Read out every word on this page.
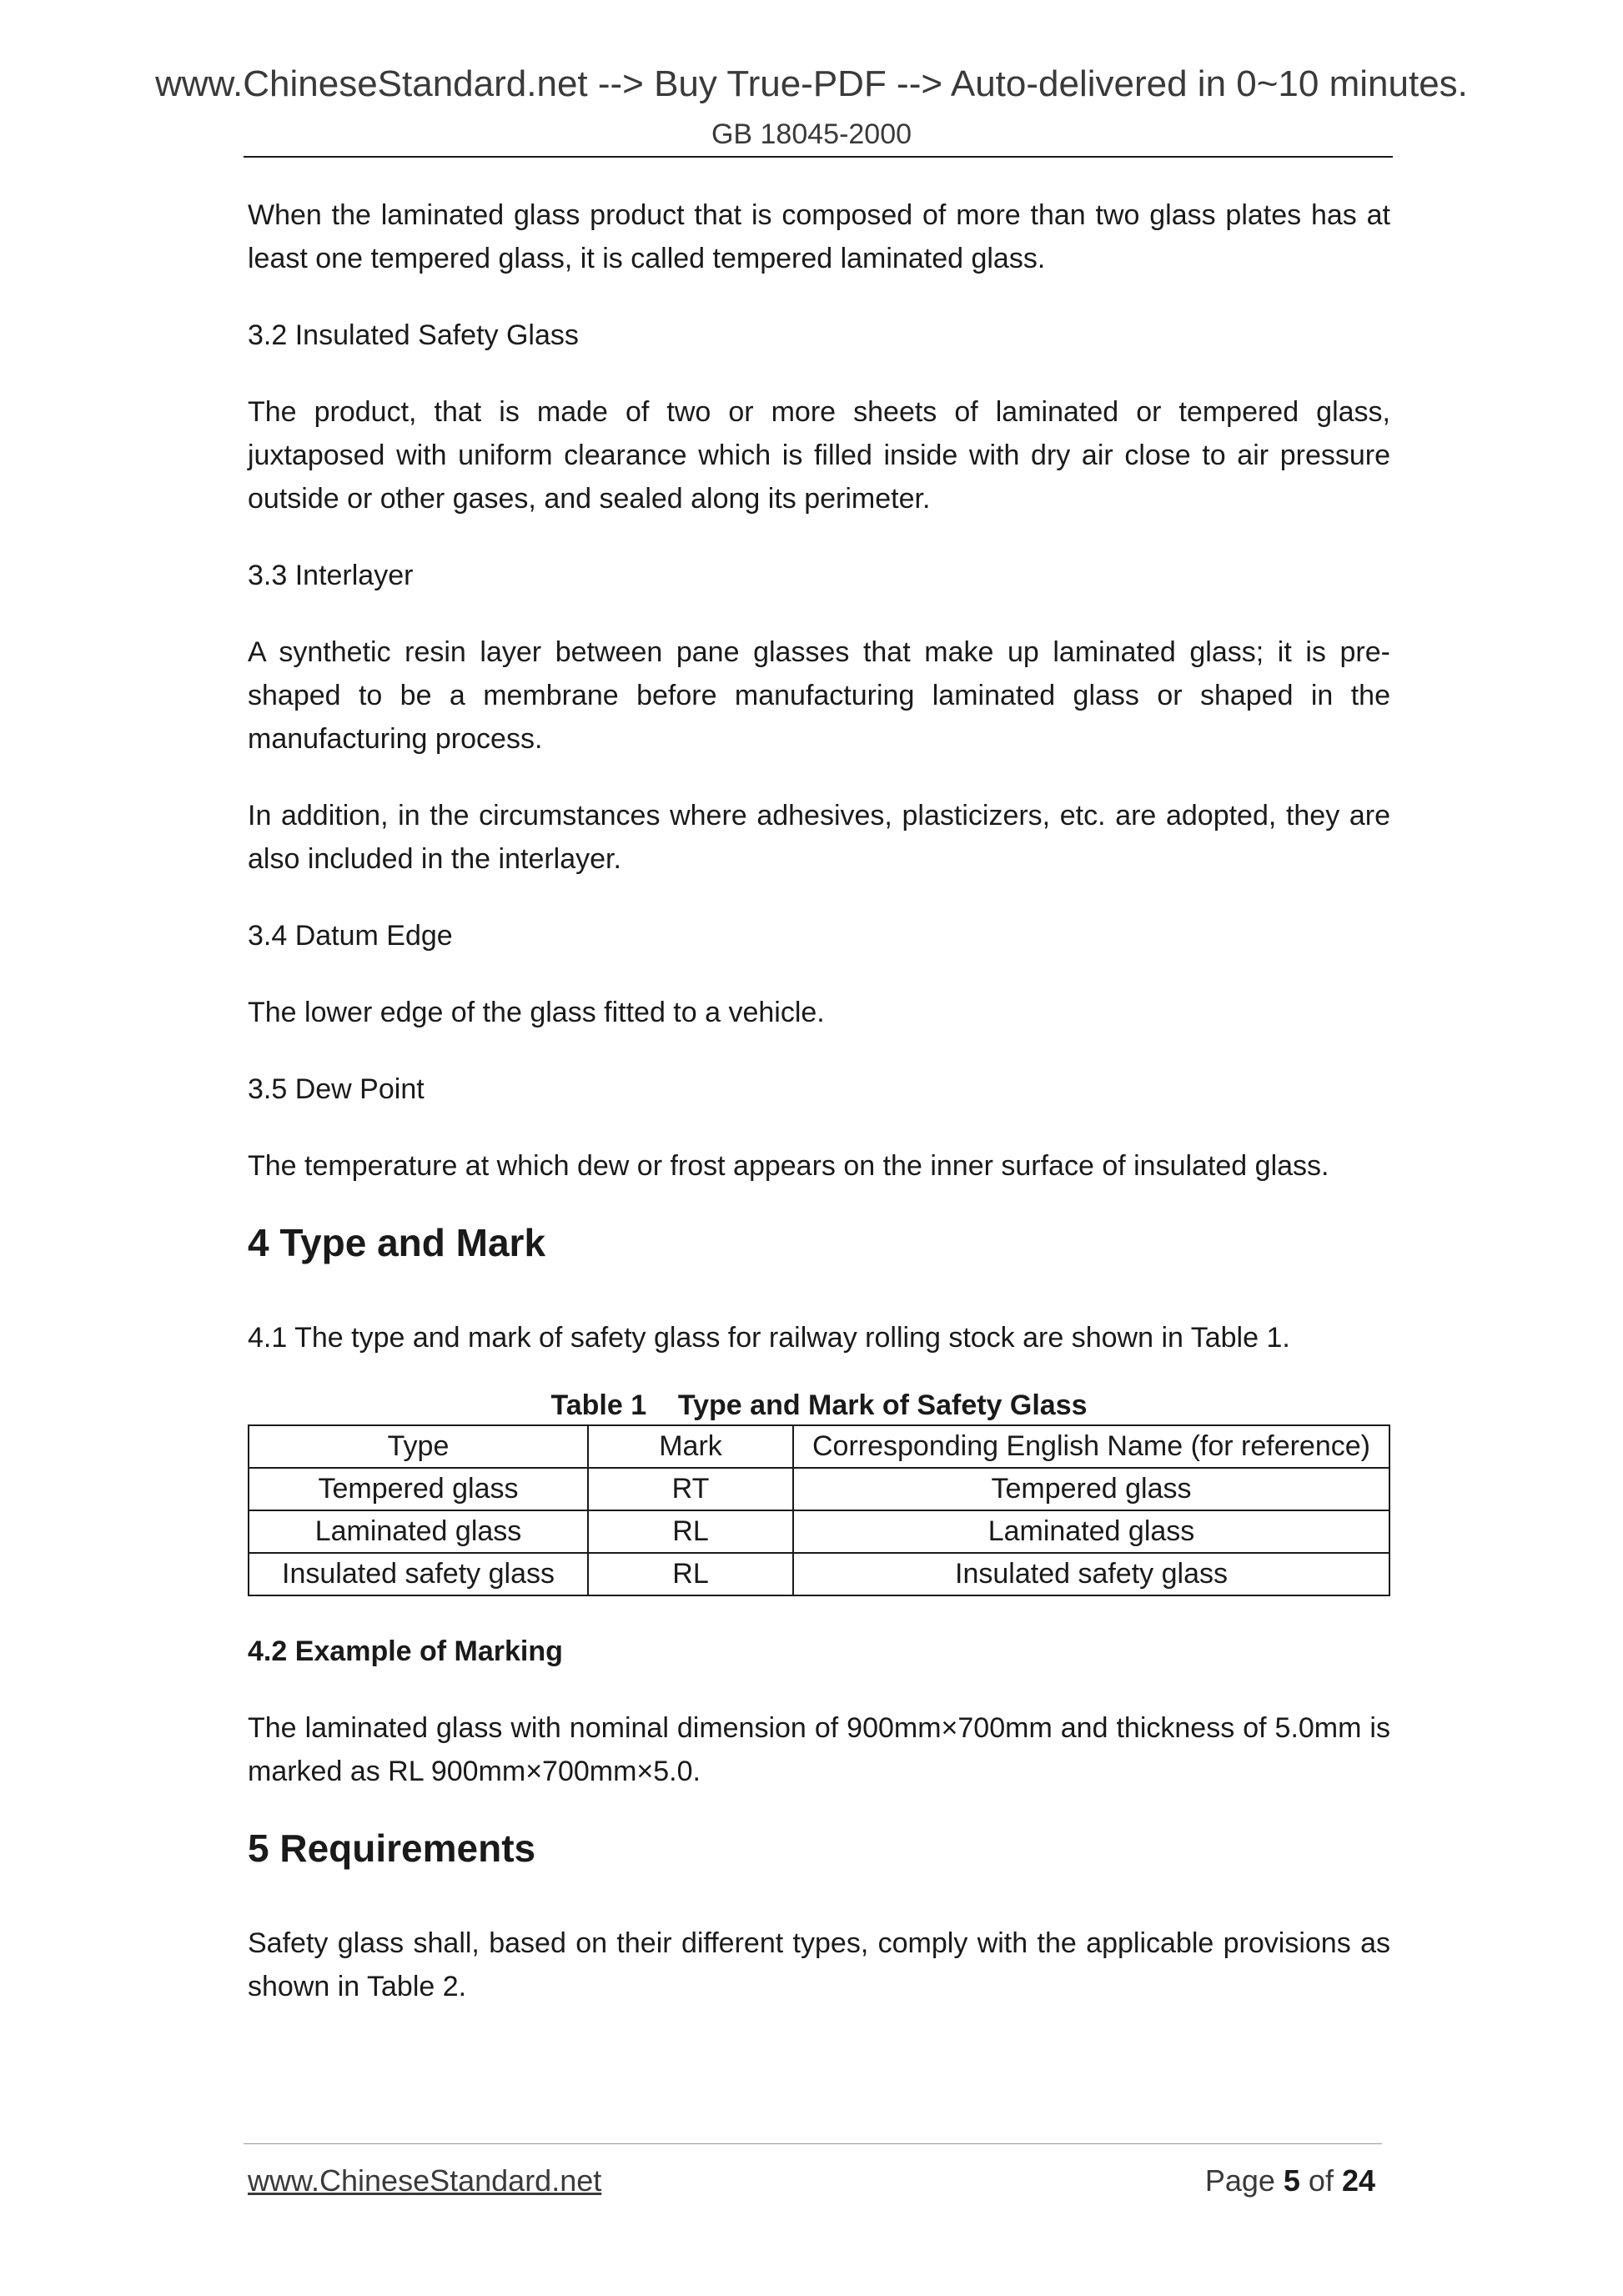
www.ChineseStandard.net --> Buy True-PDF --> Auto-delivered in 0~10 minutes.
GB 18045-2000

When the laminated glass product that is composed of more than two glass plates has at least one tempered glass, it is called tempered laminated glass.

3.2 Insulated Safety Glass

The product, that is made of two or more sheets of laminated or tempered glass, juxtaposed with uniform clearance which is filled inside with dry air close to air pressure outside or other gases, and sealed along its perimeter.

3.3 Interlayer

A synthetic resin layer between pane glasses that make up laminated glass; it is pre-shaped to be a membrane before manufacturing laminated glass or shaped in the manufacturing process.

In addition, in the circumstances where adhesives, plasticizers, etc. are adopted, they are also included in the interlayer.

3.4 Datum Edge

The lower edge of the glass fitted to a vehicle.

3.5 Dew Point

The temperature at which dew or frost appears on the inner surface of insulated glass.

4 Type and Mark

4.1 The type and mark of safety glass for railway rolling stock are shown in Table 1.

Table 1    Type and Mark of Safety Glass
Type	Mark	Corresponding English Name (for reference)
Tempered glass	RT	Tempered glass
Laminated glass	RL	Laminated glass
Insulated safety glass	RL	Insulated safety glass

4.2 Example of Marking

The laminated glass with nominal dimension of 900mm×700mm and thickness of 5.0mm is marked as RL 900mm×700mm×5.0.

5 Requirements

Safety glass shall, based on their different types, comply with the applicable provisions as shown in Table 2.

www.ChineseStandard.net	Page 5 of 24
